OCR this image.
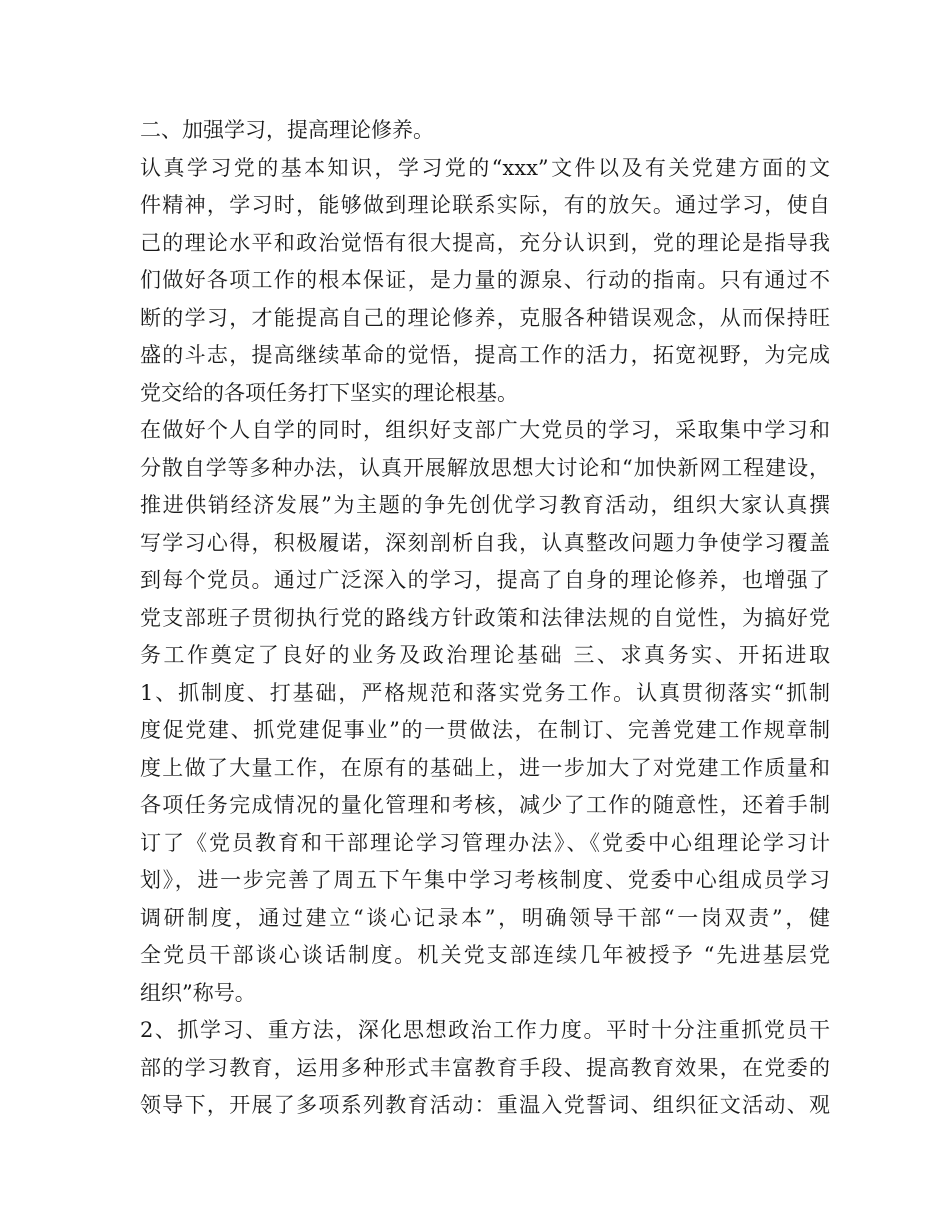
二、加强学习，提高理论修养。
认真学习党的基本知识，学习党的“xxx”文件以及有关党建方面的文
件精神，学习时，能够做到理论联系实际，有的放矢。通过学习，使自
己的理论水平和政治觉悟有很大提高，充分认识到，党的理论是指导我
们做好各项工作的根本保证，是力量的源泉、行动的指南。只有通过不
断的学习，才能提高自己的理论修养，克服各种错误观念，从而保持旺
盛的斗志，提高继续革命的觉悟，提高工作的活力，拓宽视野，为完成
党交给的各项任务打下坚实的理论根基。
在做好个人自学的同时，组织好支部广大党员的学习，采取集中学习和
分散自学等多种办法，认真开展解放思想大讨论和“加快新网工程建设，
推进供销经济发展”为主题的争先创优学习教育活动，组织大家认真撰
写学习心得，积极履诺，深刻剖析自我，认真整改问题力争使学习覆盖
到每个党员。通过广泛深入的学习，提高了自身的理论修养，也增强了
党支部班子贯彻执行党的路线方针政策和法律法规的自觉性，为搞好党
务工作奠定了良好的业务及政治理论基础 三、求真务实、开拓进取
1、抓制度、打基础，严格规范和落实党务工作。认真贯彻落实“抓制
度促党建、抓党建促事业”的一贯做法，在制订、完善党建工作规章制
度上做了大量工作，在原有的基础上，进一步加大了对党建工作质量和
各项任务完成情况的量化管理和考核，减少了工作的随意性，还着手制
订了《党员教育和干部理论学习管理办法》、《党委中心组理论学习计
划》，进一步完善了周五下午集中学习考核制度、党委中心组成员学习
调研制度，通过建立“谈心记录本”，明确领导干部“一岗双责”，健
全党员干部谈心谈话制度。机关党支部连续几年被授予 “先进基层党
组织”称号。
2、抓学习、重方法，深化思想政治工作力度。平时十分注重抓党员干
部的学习教育，运用多种形式丰富教育手段、提高教育效果，在党委的
领导下，开展了多项系列教育活动：重温入党誓词、组织征文活动、观
